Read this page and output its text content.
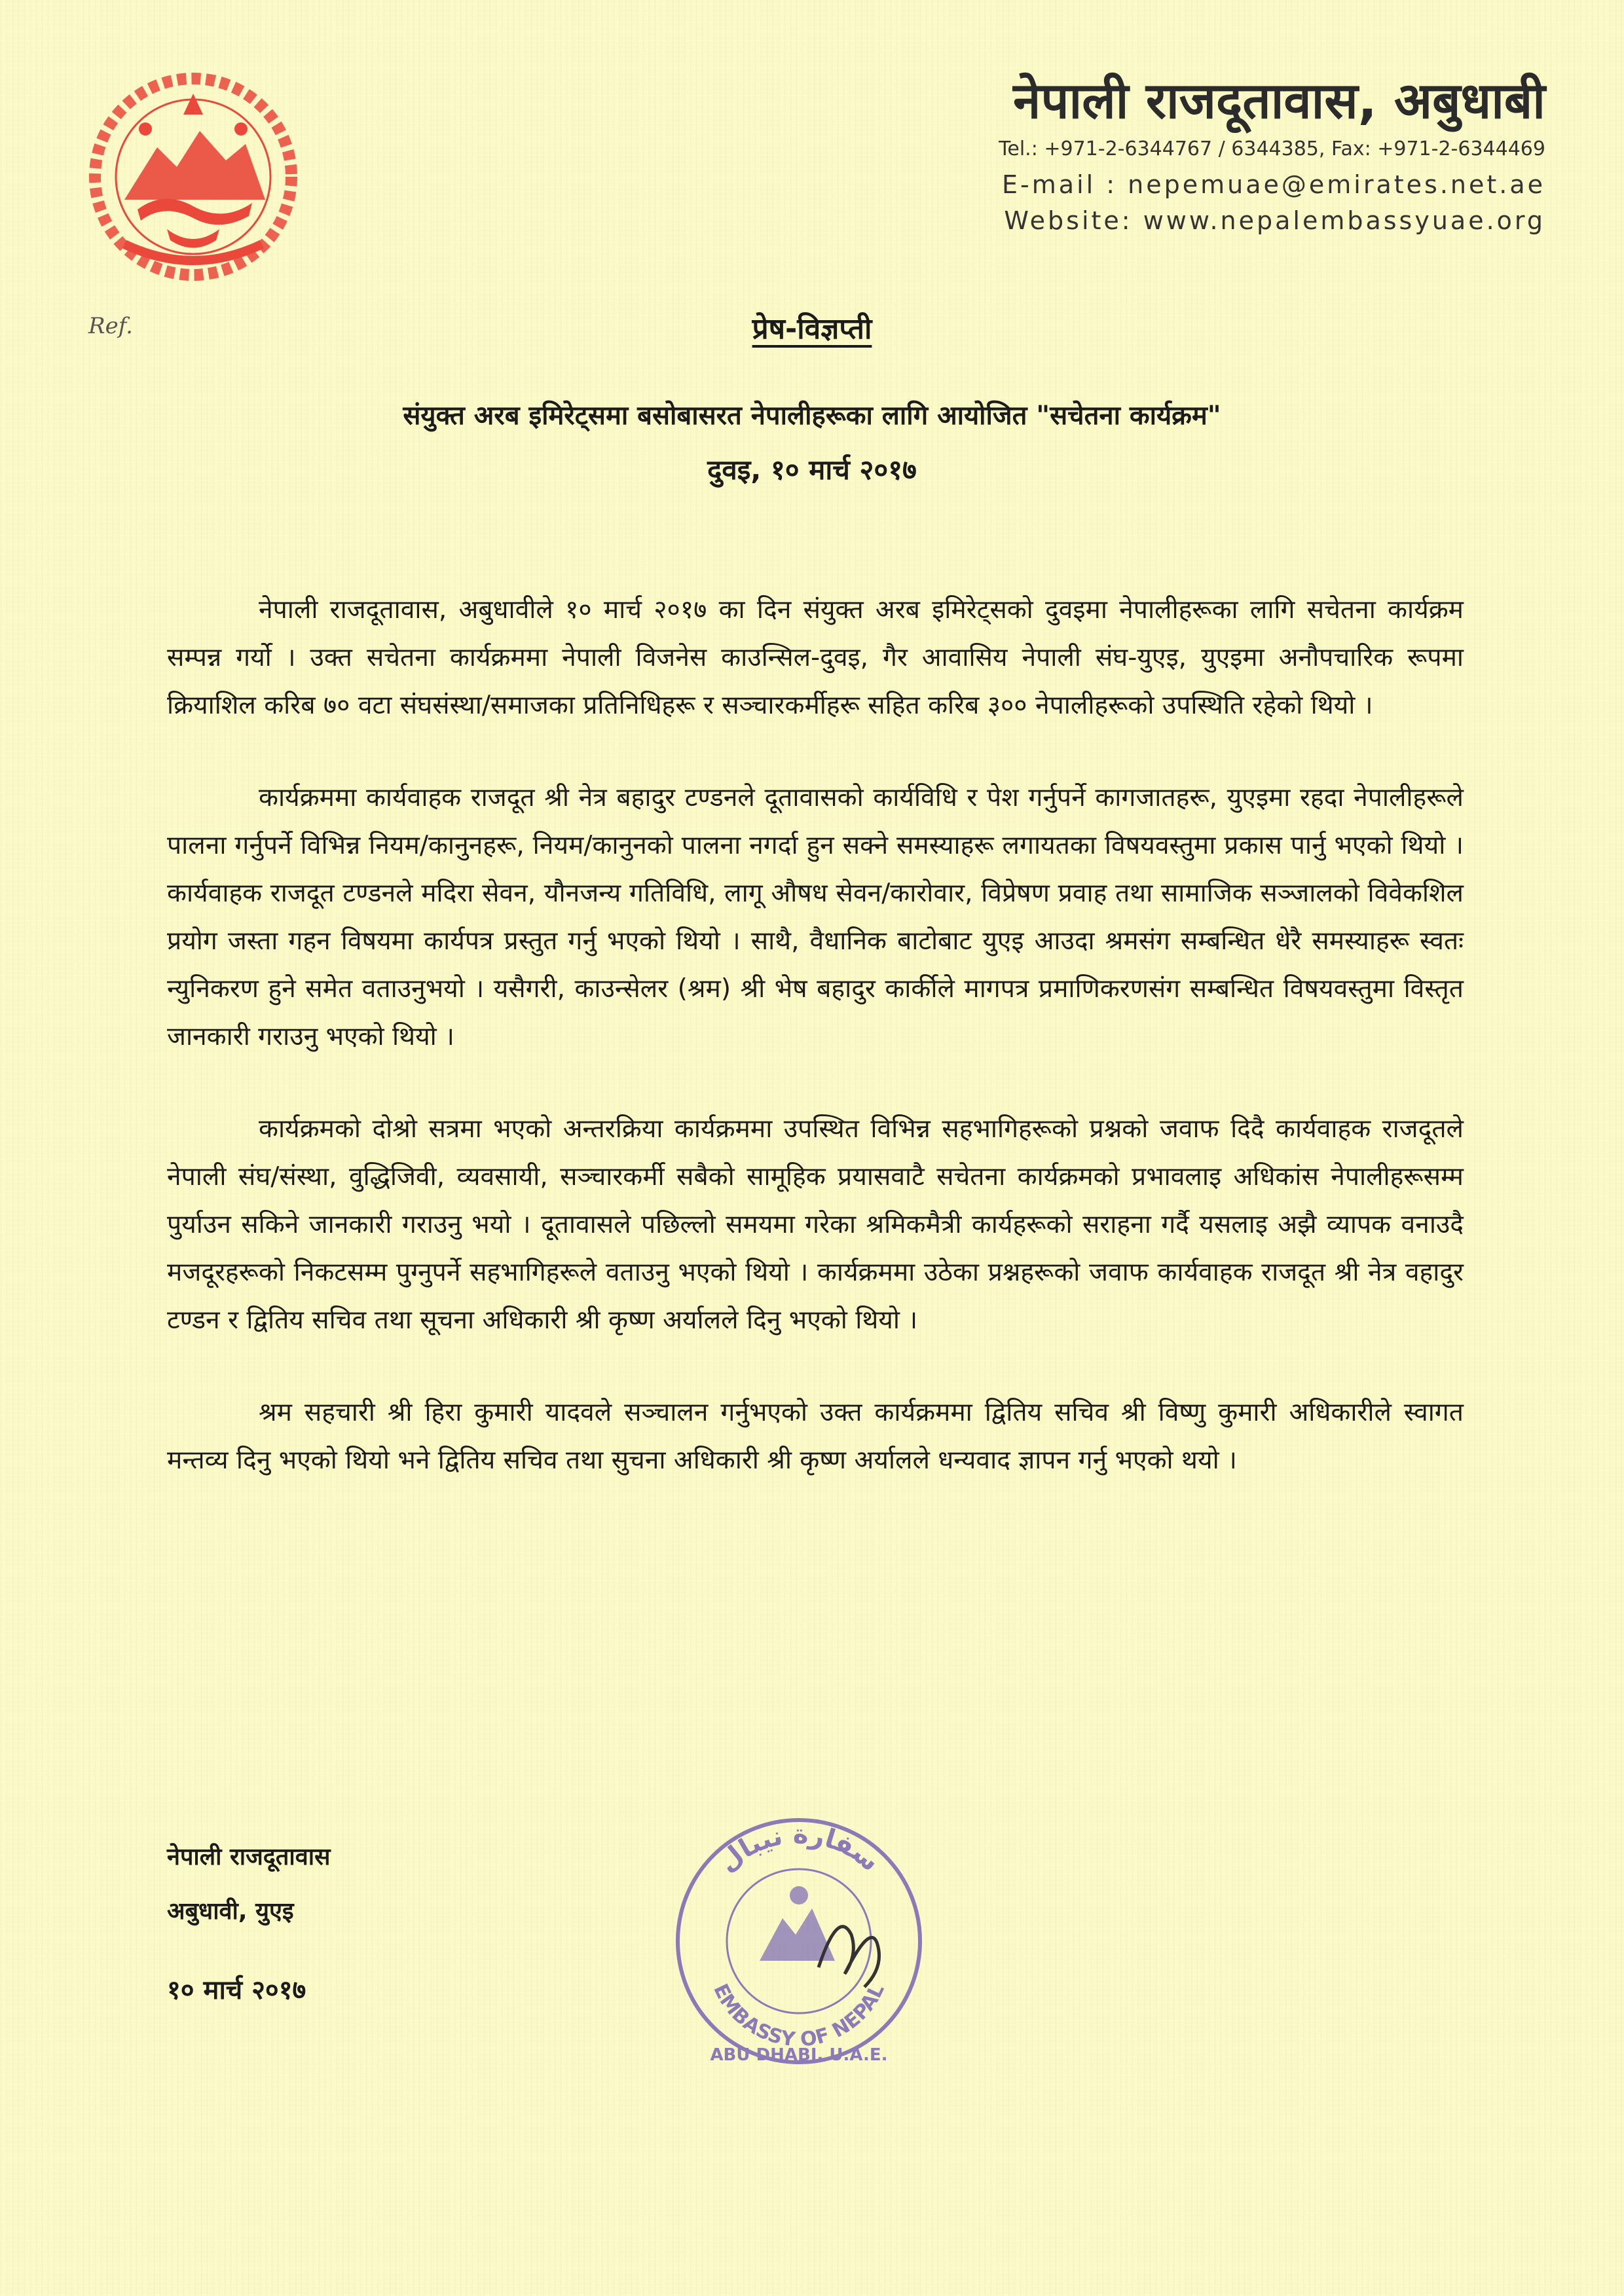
नेपाली राजदूतावास, अबुधाबी
Tel.: +971-2-6344767 / 6344385, Fax: +971-2-6344469
E-mail : nepemuae@emirates.net.ae
Website: www.nepalembassyuae.org
Ref.	प्रेष-विज्ञप्ती
संयुक्त अरब इमिरेट्समा बसोबासरत नेपालीहरूका लागि आयोजित "सचेतना कार्यक्रम"
दुवइ, १० मार्च २०१७

नेपाली राजदूतावास, अबुधावीले १० मार्च २०१७ का दिन संयुक्त अरब इमिरेट्सको दुवइमा नेपालीहरूका लागि सचेतना कार्यक्रम सम्पन्न गर्यो । उक्त सचेतना कार्यक्रममा नेपाली विजनेस काउन्सिल-दुवइ, गैर आवासिय नेपाली संघ-युएइ, युएइमा अनौपचारिक रूपमा क्रियाशिल करिब ७० वटा संघसंस्था/समाजका प्रतिनिधिहरू र सञ्चारकर्मीहरू सहित करिब ३०० नेपालीहरूको उपस्थिति रहेको थियो ।

कार्यक्रममा कार्यवाहक राजदूत श्री नेत्र बहादुर टण्डनले दूतावासको कार्यविधि र पेश गर्नुपर्ने कागजातहरू, युएइमा रहदा नेपालीहरूले पालना गर्नुपर्ने विभिन्न नियम/कानुनहरू, नियम/कानुनको पालना नगर्दा हुन सक्ने समस्याहरू लगायतका विषयवस्तुमा प्रकास पार्नु भएको थियो । कार्यवाहक राजदूत टण्डनले मदिरा सेवन, यौनजन्य गतिविधि, लागू औषध सेवन/कारोवार, विप्रेषण प्रवाह तथा सामाजिक सञ्जालको विवेकशिल प्रयोग जस्ता गहन विषयमा कार्यपत्र प्रस्तुत गर्नु भएको थियो । साथै, वैधानिक बाटोबाट युएइ आउदा श्रमसंग सम्बन्धित धेरै समस्याहरू स्वतः न्युनिकरण हुने समेत वताउनुभयो । यसैगरी, काउन्सेलर (श्रम) श्री भेष बहादुर कार्कीले मागपत्र प्रमाणिकरणसंग सम्बन्धित विषयवस्तुमा विस्तृत जानकारी गराउनु भएको थियो ।

कार्यक्रमको दोश्रो सत्रमा भएको अन्तरक्रिया कार्यक्रममा उपस्थित विभिन्न सहभागिहरूको प्रश्नको जवाफ दिदै कार्यवाहक राजदूतले नेपाली संघ/संस्था, वुद्धिजिवी, व्यवसायी, सञ्चारकर्मी सबैको सामूहिक प्रयासवाटै सचेतना कार्यक्रमको प्रभावलाइ अधिकांस नेपालीहरूसम्म पुर्याउन सकिने जानकारी गराउनु भयो । दूतावासले पछिल्लो समयमा गरेका श्रमिकमैत्री कार्यहरूको सराहना गर्दै यसलाइ अझै व्यापक वनाउदै मजदूरहरूको निकटसम्म पुग्नुपर्ने सहभागिहरूले वताउनु भएको थियो । कार्यक्रममा उठेका प्रश्नहरूको जवाफ कार्यवाहक राजदूत श्री नेत्र वहादुर टण्डन र द्वितिय सचिव तथा सूचना अधिकारी श्री कृष्ण अर्यालले दिनु भएको थियो ।

श्रम सहचारी श्री हिरा कुमारी यादवले सञ्चालन गर्नुभएको उक्त कार्यक्रममा द्वितिय सचिव श्री विष्णु कुमारी अधिकारीले स्वागत मन्तव्य दिनु भएको थियो भने द्वितिय सचिव तथा सुचना अधिकारी श्री कृष्ण अर्यालले धन्यवाद ज्ञापन गर्नु भएको थयो ।

नेपाली राजदूतावास
अबुधावी, युएइ
१० मार्च २०१७
سفارة نيبال
EMBASSY OF NEPAL
ABU DHABI, U.A.E.
